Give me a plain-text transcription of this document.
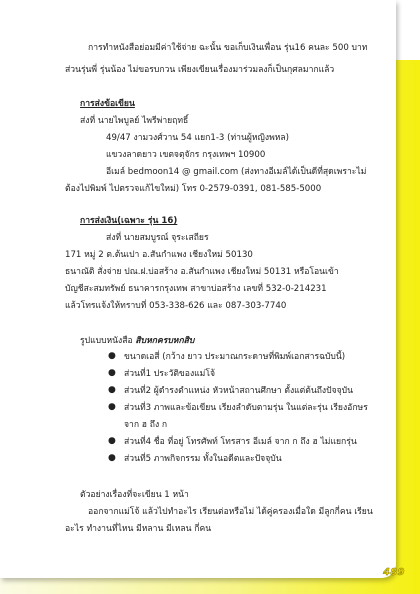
การทำหนังสือย่อมมีค่าใช้จ่าย ฉะนั้น ขอเก็บเงินเพื่อน รุ่น16 คนละ 500 บาท
ส่วนรุ่นพี่ รุ่นน้อง ไม่ขอรบกวน เพียงเขียนเรื่องมาร่วมลงก็เป็นกุศลมากแล้ว
การส่งข้อเขียน
ส่งที่ นายไพบูลย์ ไพรีพ่ายฤทธิ์
49/47 งามวงศ์วาน 54 แยก1-3 (ท่านผู้หญิงพหล)
แขวงลาดยาว เขตจตุจักร กรุงเทพฯ 10900
อีเมล์ bedmoon14 @ gmail.com (ส่งทางอีเมล์ได้เป็นดีที่สุดเพราะไม่
ต้องไปพิมพ์ ไปตรวจแก้ไขใหม่) โทร 0-2579-0391, 081-585-5000
การส่งเงิน(เฉพาะ รุ่น 16)
ส่งที่ นายสมบูรณ์ จุระเสถียร
171 หมู่ 2 ต.ต้นเปา อ.สันกำแพง เชียงใหม่ 50130
ธนาณัติ สั่งจ่าย ปณ.ฝ.บ่อสร้าง อ.สันกำแพง เชียงใหม่ 50131 หรือโอนเข้า
บัญชีสะสมทรัพย์ ธนาคารกรุงเทพ สาขาบ่อสร้าง เลขที่ 532-0-214231
แล้วโทรแจ้งให้ทราบที่ 053-338-626 และ 087-303-7740
รูปแบบหนังสือ สิบหกครบหกสิบ
● ขนาดเอสี่ (กว้าง ยาว ประมาณกระดาษที่พิมพ์เอกสารฉบับนี้)
● ส่วนที่1 ประวัติของแม่โจ้
● ส่วนที่2 ผู้ดำรงตำแหน่ง หัวหน้าสถานศึกษา ตั้งแต่ต้นถึงปัจจุบัน
● ส่วนที่3 ภาพและข้อเขียน เรียงลำดับตามรุ่น ในแต่ละรุ่น เรียงอักษร
จาก ฮ ถึง ก
● ส่วนที่4 ชื่อ ที่อยู่ โทรศัพท์ โทรสาร อีเมล์ จาก ก ถึง ฮ ไม่แยกรุ่น
● ส่วนที่5 ภาพกิจกรรม ทั้งในอดีตและปัจจุบัน
ตัวอย่างเรื่องที่จะเขียน 1 หน้า
ออกจากแม่โจ้ แล้วไปทำอะไร เรียนต่อหรือไม่ ได้คู่ครองเมื่อใด มีลูกกี่คน เรียน
อะไร ทำงานที่ไหน มีหลาน มีเหลน กี่คน
489
